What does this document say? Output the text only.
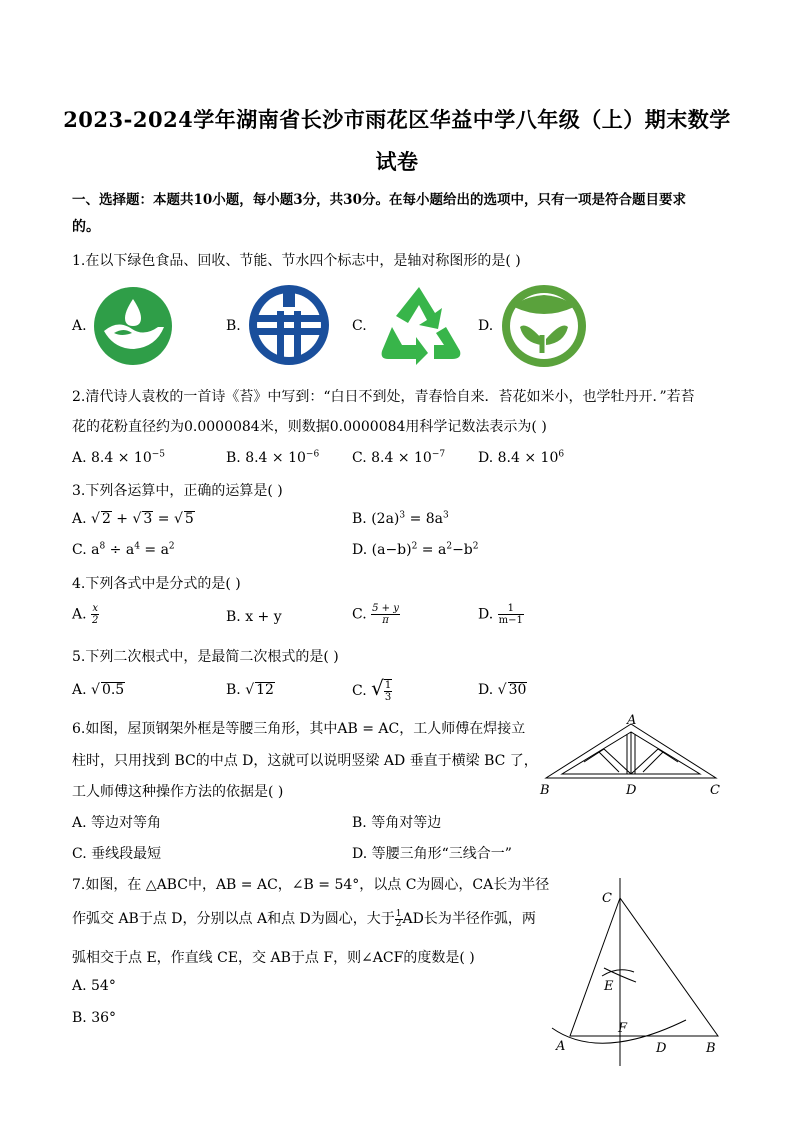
2023-2024学年湖南省长沙市雨花区华益中学八年级（上）期末数学
试卷
一、选择题：本题共10小题，每小题3分，共30分。在每小题给出的选项中，只有一项是符合题目要求
的。
1.在以下绿色食品、回收、节能、节水四个标志中，是轴对称图形的是( )
A.	B.	C.	D.
2.清代诗人袁枚的一首诗《苔》中写到：“白日不到处，青春恰自来．苔花如米小，也学牡丹开．”若苔
花的花粉直径约为0.0000084米，则数据0.0000084用科学记数法表示为( )
A. $8.4 \times 10^{-5}$	B. $8.4 \times 10^{-6}$ C. $8.4 \times 10^{-7}$ D. $8.4 \times 10^6$
3.下列各运算中，正确的运算是( )
A. √ 2 + √ 3 = √ 5	B. $(2a)^3 = 8a^3$
C. $a^8 \div a^4 = a^2$	D. $(a-b)^2 = a^2-b^2$
4.下列各式中是分式的是( )
A. $\frac{x}{2}$	B. x + y	C. $\frac{5 + y}{\pi}$	D. $\frac{1}{m-1}$
5.下列二次根式中，是最简二次根式的是( )
A. √ 0.5	B. √ 12	C. √ $\frac{1}{3}$	D. √ 30
6.如图，屋顶钢架外框是等腰三角形，其中AB = AC，工人师傅在焊接立
柱时，只用找到 BC的中点 D，这就可以说明竖梁 AD 垂直于横梁 BC 了，
工人师傅这种操作方法的依据是( )
A
B	D	C
A. 等边对等角	B. 等角对等边
C. 垂线段最短	D. 等腰三角形“三线合一”
7.如图，在 △ABC中，AB = AC，∠B = 54°，以点 C为圆心，CA长为半径
作弧交 AB于点 D，分别以点 A和点 D为圆心，大于 $\frac{1}{2}$ AD长为半径作弧，两
弧相交于点 E，作直线 CE，交 AB于点 F，则∠ACF的度数是( )
A. 54°
B. 36°
C
E
F
A	D	B
